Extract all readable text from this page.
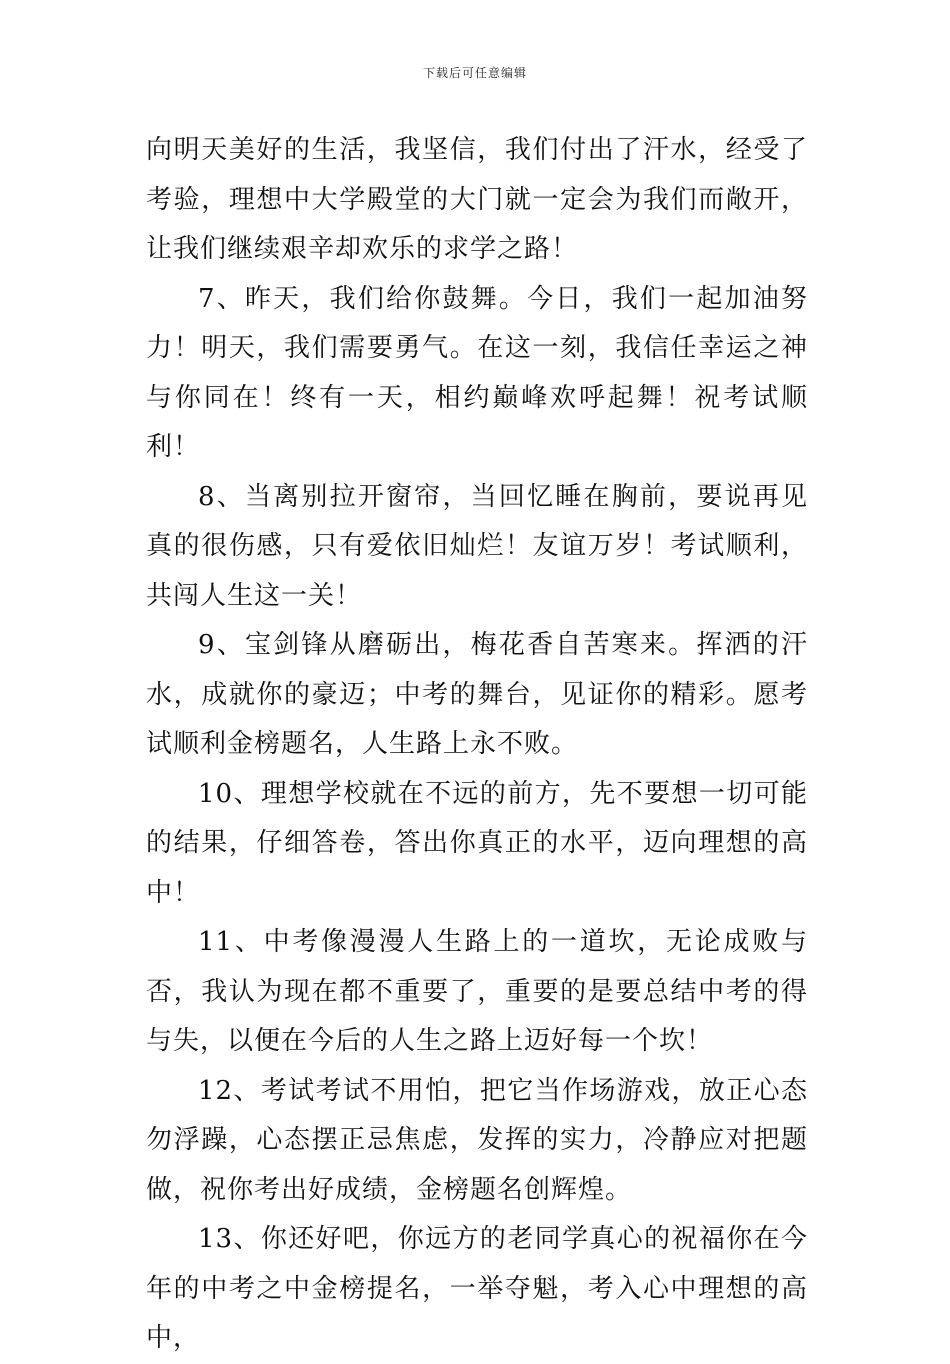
下载后可任意编辑

向明天美好的生活，我坚信，我们付出了汗水，经受了考验，理想中大学殿堂的大门就一定会为我们而敞开，让我们继续艰辛却欢乐的求学之路！

7、昨天，我们给你鼓舞。今日，我们一起加油努力！明天，我们需要勇气。在这一刻，我信任幸运之神与你同在！终有一天，相约巅峰欢呼起舞！祝考试顺利！

8、当离别拉开窗帘，当回忆睡在胸前，要说再见真的很伤感，只有爱依旧灿烂！友谊万岁！考试顺利，共闯人生这一关！

9、宝剑锋从磨砺出，梅花香自苦寒来。挥洒的汗水，成就你的豪迈；中考的舞台，见证你的精彩。愿考试顺利金榜题名，人生路上永不败。

10、理想学校就在不远的前方，先不要想一切可能的结果，仔细答卷，答出你真正的水平，迈向理想的高中！

11、中考像漫漫人生路上的一道坎，无论成败与否，我认为现在都不重要了，重要的是要总结中考的得与失，以便在今后的人生之路上迈好每一个坎！

12、考试考试不用怕，把它当作场游戏，放正心态勿浮躁，心态摆正忌焦虑，发挥的实力，冷静应对把题做，祝你考出好成绩，金榜题名创辉煌。

13、你还好吧，你远方的老同学真心的祝福你在今年的中考之中金榜提名，一举夺魁，考入心中理想的高中，
